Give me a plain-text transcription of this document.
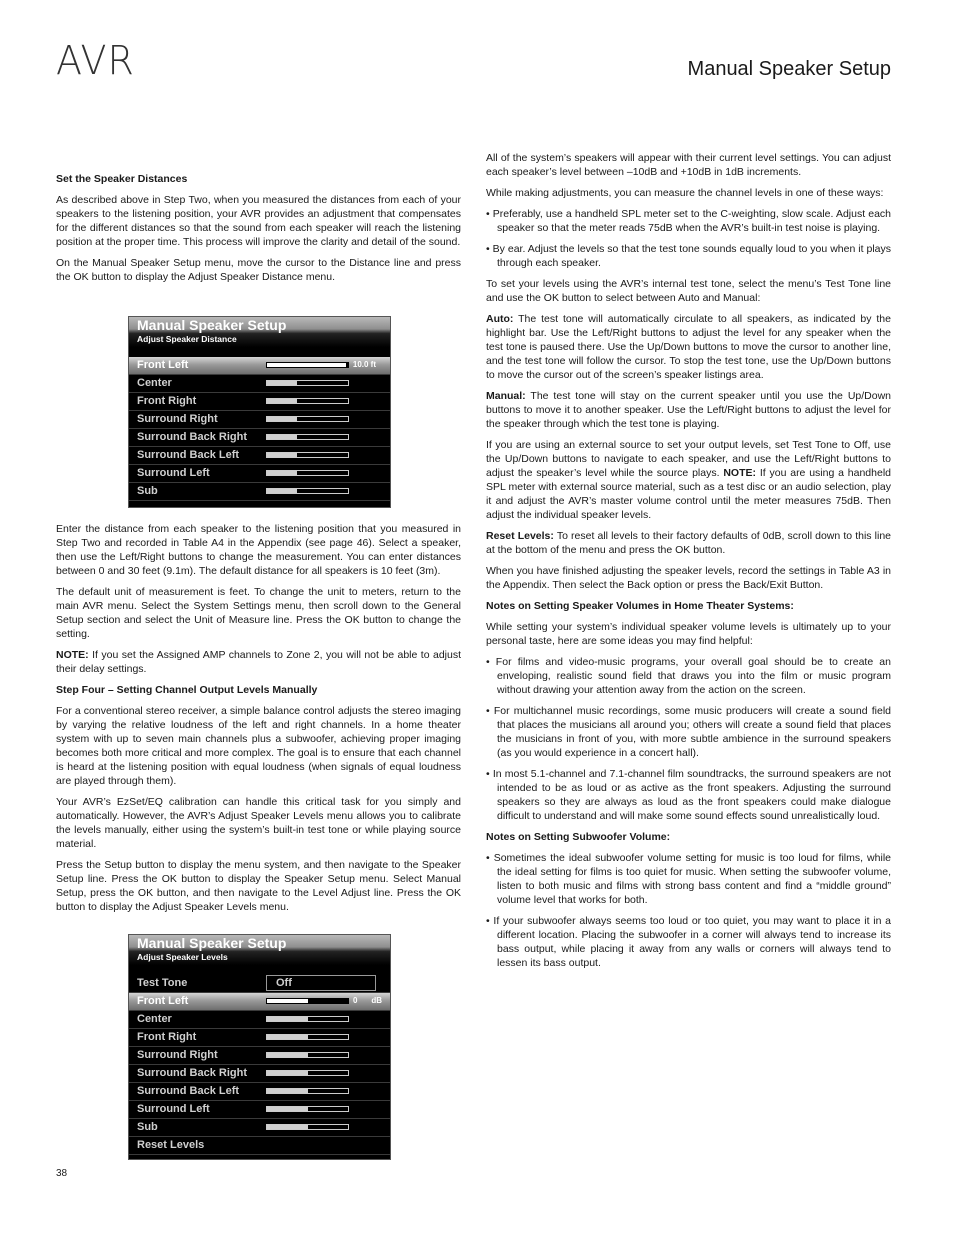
AVR	Manual Speaker Setup
Set the Speaker Distances

As described above in Step Two, when you measured the distances from each of your speakers to the listening position, your AVR provides an adjustment that compensates for the different distances so that the sound from each speaker will reach the listening position at the proper time. This process will improve the clarity and detail of the sound.

On the Manual Speaker Setup menu, move the cursor to the Distance line and press the OK button to display the Adjust Speaker Distance menu.

Manual Speaker Setup
Adjust Speaker Distance
Front Left	10.0 ft
Center
Front Right
Surround Right
Surround Back Right
Surround Back Left
Surround Left
Sub

Enter the distance from each speaker to the listening position that you measured in Step Two and recorded in Table A4 in the Appendix (see page 46). Select a speaker, then use the Left/Right buttons to change the measurement. You can enter distances between 0 and 30 feet (9.1m). The default distance for all speakers is 10 feet (3m).

The default unit of measurement is feet. To change the unit to meters, return to the main AVR menu. Select the System Settings menu, then scroll down to the General Setup section and select the Unit of Measure line. Press the OK button to change the setting.

NOTE: If you set the Assigned AMP channels to Zone 2, you will not be able to adjust their delay settings.

Step Four – Setting Channel Output Levels Manually

For a conventional stereo receiver, a simple balance control adjusts the stereo imaging by varying the relative loudness of the left and right channels. In a home theater system with up to seven main channels plus a subwoofer, achieving proper imaging becomes both more critical and more complex. The goal is to ensure that each channel is heard at the listening position with equal loudness (when signals of equal loudness are played through them).

Your AVR’s EzSet/EQ calibration can handle this critical task for you simply and automatically. However, the AVR’s Adjust Speaker Levels menu allows you to calibrate the levels manually, either using the system’s built-in test tone or while playing source material.

Press the Setup button to display the menu system, and then navigate to the Speaker Setup line. Press the OK button to display the Speaker Setup menu. Select Manual Setup, press the OK button, and then navigate to the Level Adjust line. Press the OK button to display the Adjust Speaker Levels menu.

Manual Speaker Setup
Adjust Speaker Levels
Test Tone	Off
Front Left	0 dB
Center
Front Right
Surround Right
Surround Back Right
Surround Back Left
Surround Left
Sub
Reset Levels

All of the system’s speakers will appear with their current level settings. You can adjust each speaker’s level between –10dB and +10dB in 1dB increments.

While making adjustments, you can measure the channel levels in one of these ways:

• Preferably, use a handheld SPL meter set to the C-weighting, slow scale. Adjust each speaker so that the meter reads 75dB when the AVR’s built-in test noise is playing.

• By ear. Adjust the levels so that the test tone sounds equally loud to you when it plays through each speaker.

To set your levels using the AVR’s internal test tone, select the menu’s Test Tone line and use the OK button to select between Auto and Manual:

Auto: The test tone will automatically circulate to all speakers, as indicated by the highlight bar. Use the Left/Right buttons to adjust the level for any speaker when the test tone is paused there. Use the Up/Down buttons to move the cursor to another line, and the test tone will follow the cursor. To stop the test tone, use the Up/Down buttons to move the cursor out of the screen’s speaker listings area.

Manual: The test tone will stay on the current speaker until you use the Up/Down buttons to move it to another speaker. Use the Left/Right buttons to adjust the level for the speaker through which the test tone is playing.

If you are using an external source to set your output levels, set Test Tone to Off, use the Up/Down buttons to navigate to each speaker, and use the Left/Right buttons to adjust the speaker’s level while the source plays. NOTE: If you are using a handheld SPL meter with external source material, such as a test disc or an audio selection, play it and adjust the AVR’s master volume control until the meter measures 75dB. Then adjust the individual speaker levels.

Reset Levels: To reset all levels to their factory defaults of 0dB, scroll down to this line at the bottom of the menu and press the OK button.

When you have finished adjusting the speaker levels, record the settings in Table A3 in the Appendix. Then select the Back option or press the Back/Exit Button.

Notes on Setting Speaker Volumes in Home Theater Systems:

While setting your system’s individual speaker volume levels is ultimately up to your personal taste, here are some ideas you may find helpful:

• For films and video-music programs, your overall goal should be to create an enveloping, realistic sound field that draws you into the film or music program without drawing your attention away from the action on the screen.

• For multichannel music recordings, some music producers will create a sound field that places the musicians all around you; others will create a sound field that places the musicians in front of you, with more subtle ambience in the surround speakers (as you would experience in a concert hall).

• In most 5.1-channel and 7.1-channel film soundtracks, the surround speakers are not intended to be as loud or as active as the front speakers. Adjusting the surround speakers so they are always as loud as the front speakers could make dialogue difficult to understand and will make some sound effects sound unrealistically loud.

Notes on Setting Subwoofer Volume:

• Sometimes the ideal subwoofer volume setting for music is too loud for films, while the ideal setting for films is too quiet for music. When setting the subwoofer volume, listen to both music and films with strong bass content and find a “middle ground” volume level that works for both.

• If your subwoofer always seems too loud or too quiet, you may want to place it in a different location. Placing the subwoofer in a corner will always tend to increase its bass output, while placing it away from any walls or corners will always tend to lessen its bass output.

38
